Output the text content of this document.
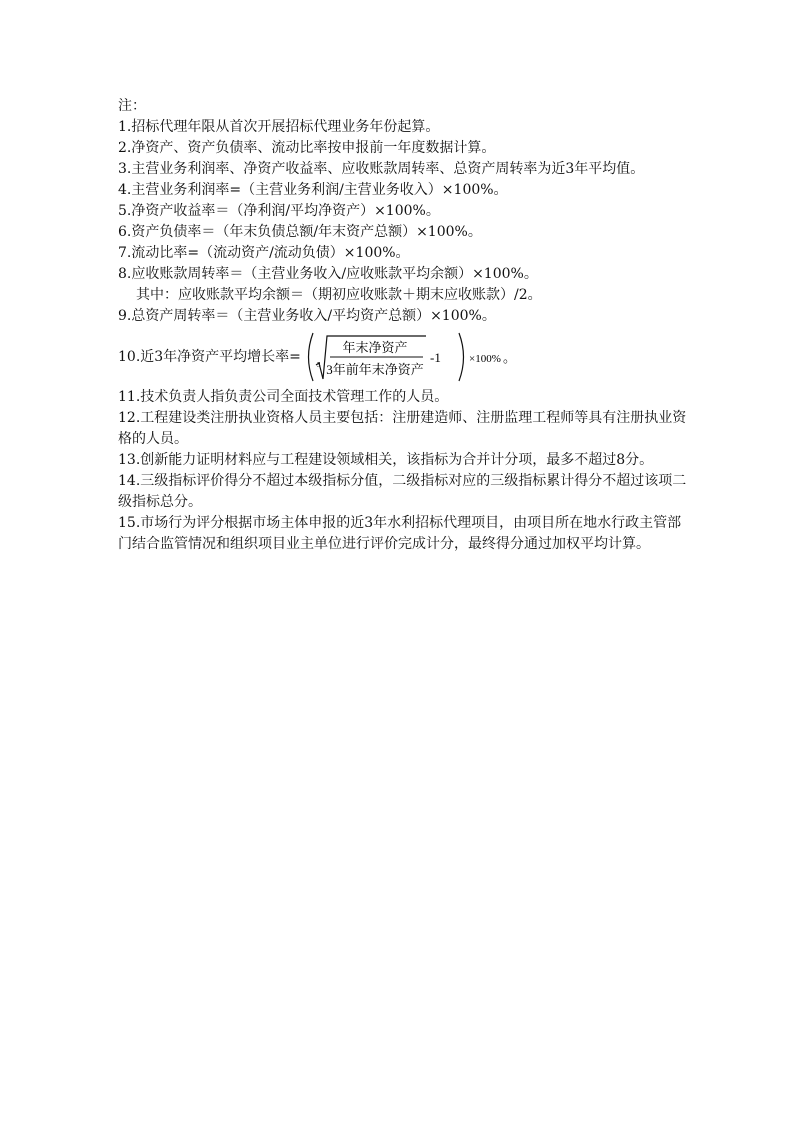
注：

1.招标代理年限从首次开展招标代理业务年份起算。

2.净资产、资产负债率、流动比率按申报前一年度数据计算。

3.主营业务利润率、净资产收益率、应收账款周转率、总资产周转率为近3年平均值。

4.主营业务利润率=（主营业务利润/主营业务收入）×100%。

5.净资产收益率＝（净利润/平均净资产）×100%。

6.资产负债率＝（年末负债总额/年末资产总额）×100%。

7.流动比率=（流动资产/流动负债）×100%。

8.应收账款周转率＝（主营业务收入/应收账款平均余额）×100%。

其中：应收账款平均余额＝（期初应收账款＋期末应收账款）/2。

9.总资产周转率＝（主营业务收入/平均资产总额）×100%。

10.近3年净资产平均增长率=
3
年末净资产
3年前年末净资产
-1	×100% 。

11.技术负责人指负责公司全面技术管理工作的人员。

12.工程建设类注册执业资格人员主要包括：注册建造师、注册监理工程师等具有注册执业资格的人员。

13.创新能力证明材料应与工程建设领域相关，该指标为合并计分项，最多不超过8分。

14.三级指标评价得分不超过本级指标分值，二级指标对应的三级指标累计得分不超过该项二级指标总分。

15.市场行为评分根据市场主体申报的近3年水利招标代理项目，由项目所在地水行政主管部门结合监管情况和组织项目业主单位进行评价完成计分，最终得分通过加权平均计算。
